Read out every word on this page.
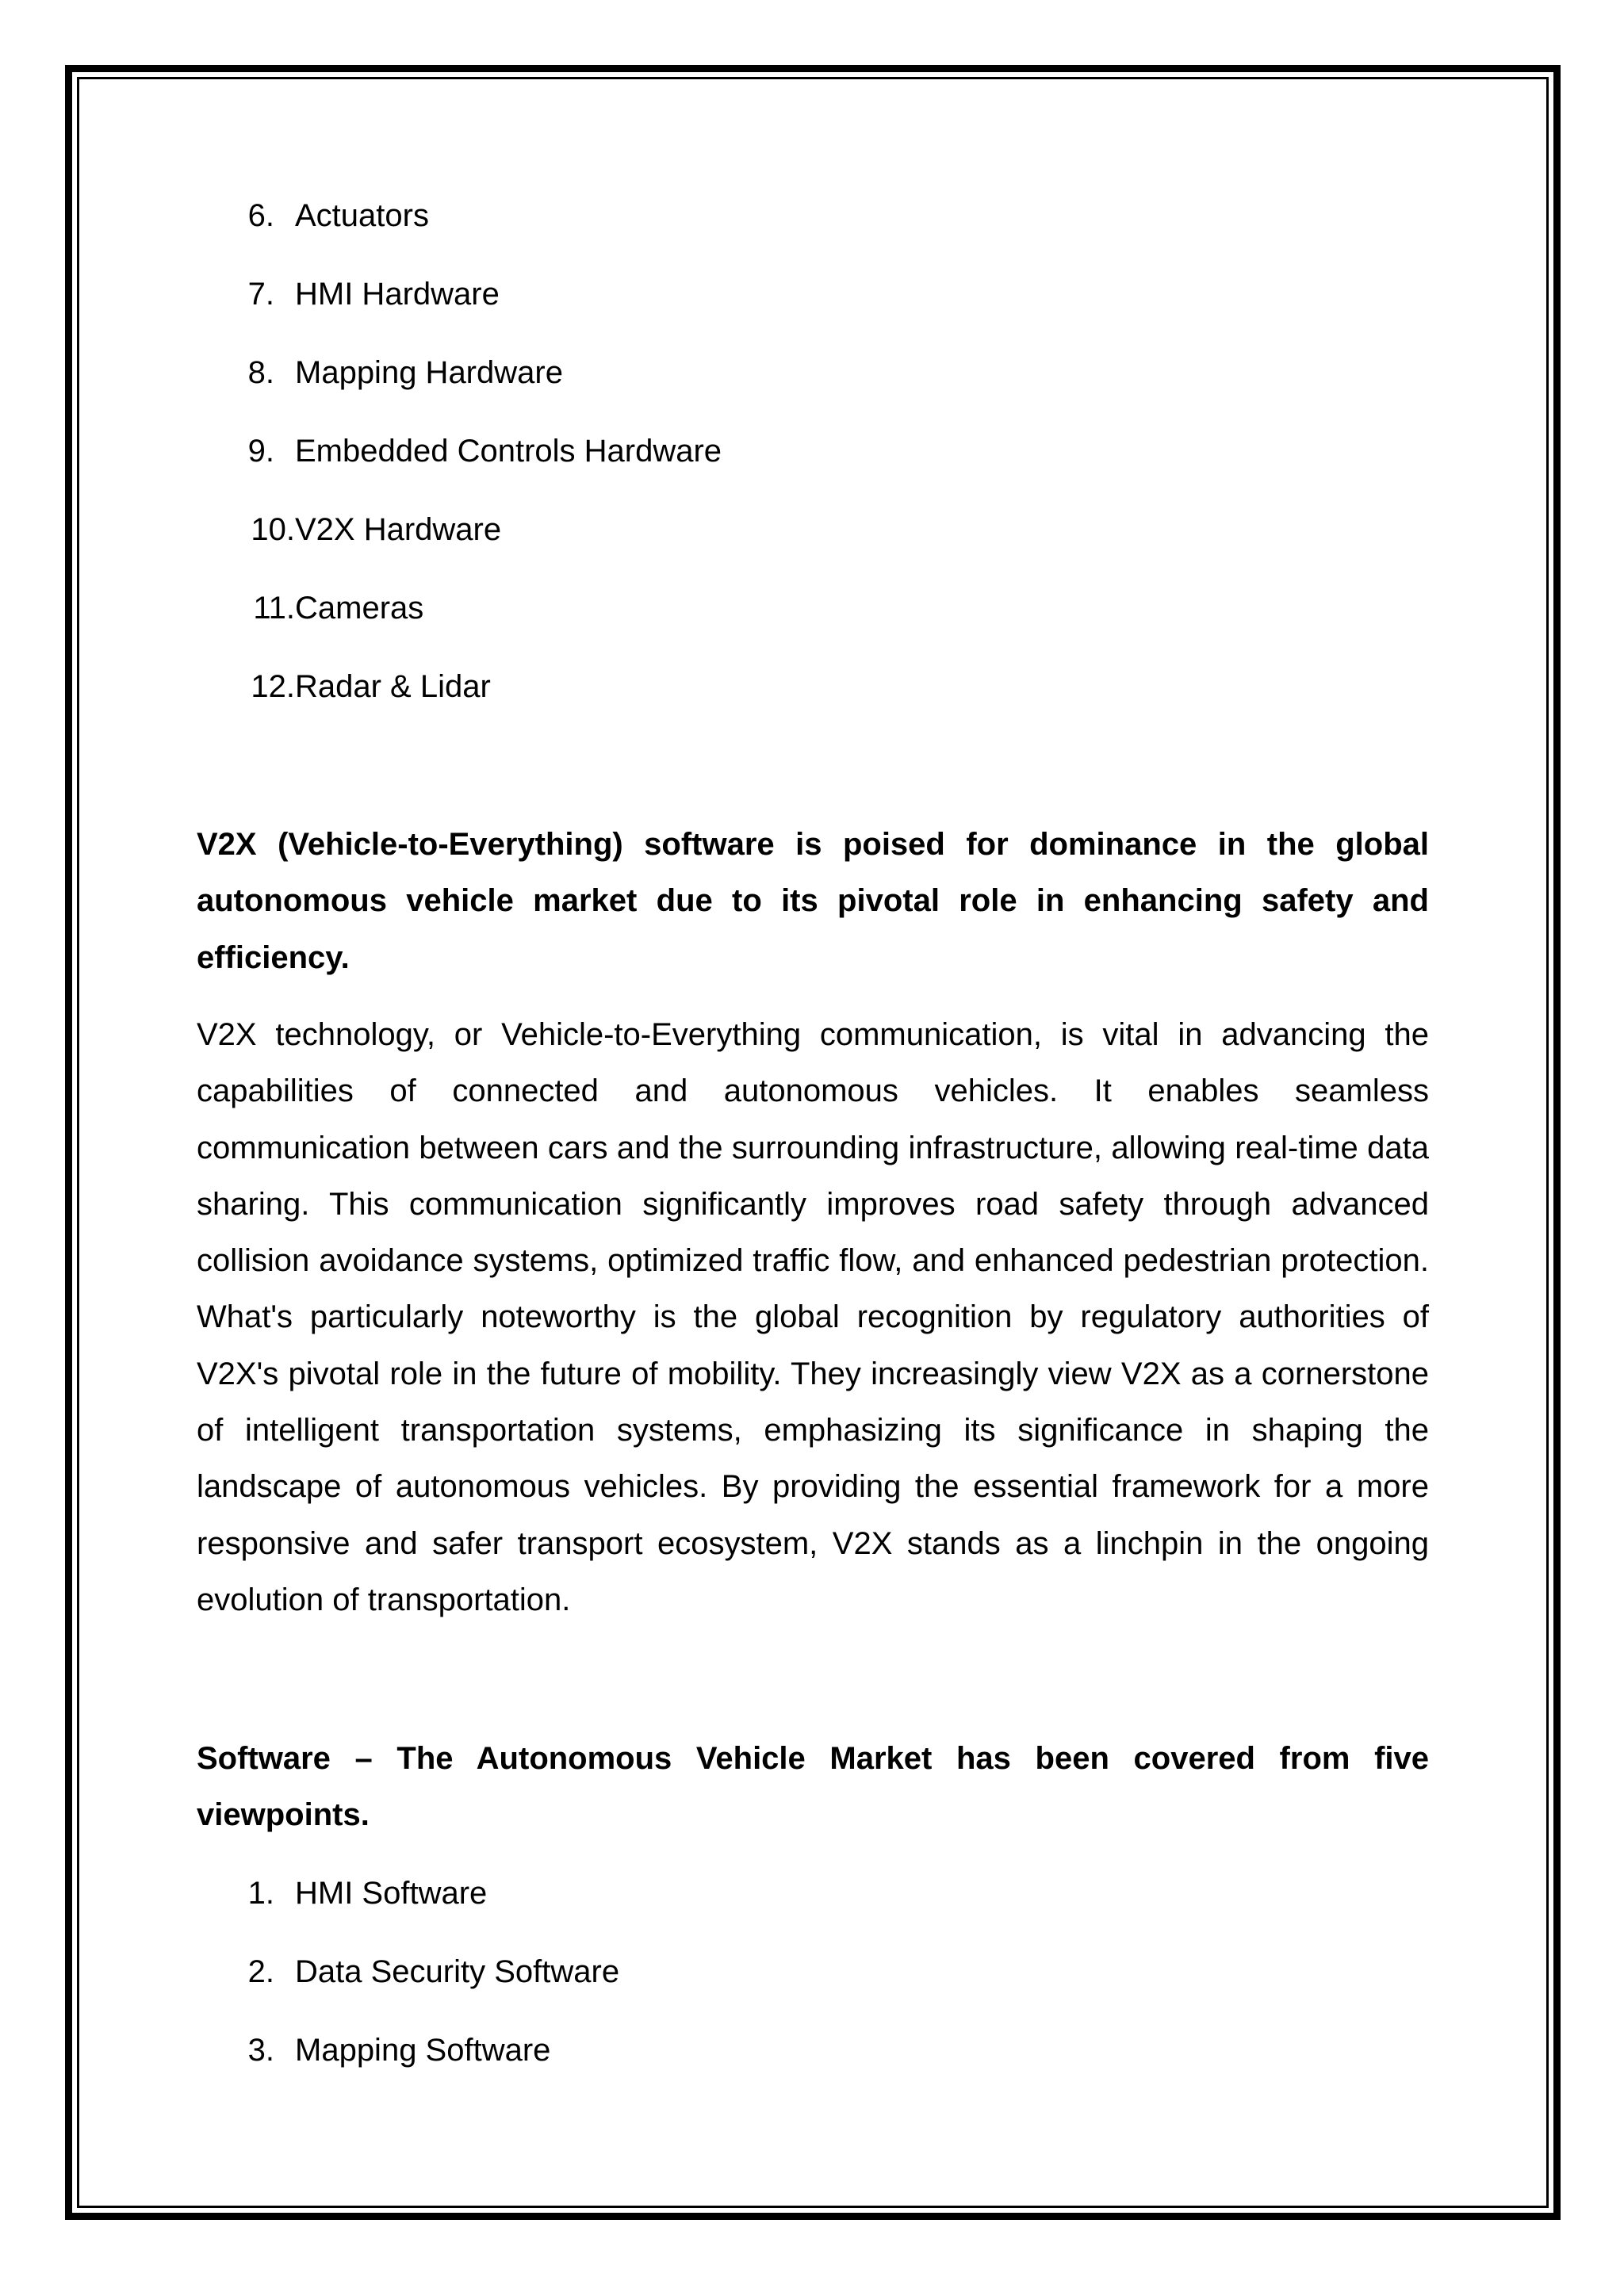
6. Actuators
7. HMI Hardware
8. Mapping Hardware
9. Embedded Controls Hardware
10. V2X Hardware
11. Cameras
12. Radar & Lidar

V2X (Vehicle-to-Everything) software is poised for dominance in the global autonomous vehicle market due to its pivotal role in enhancing safety and efficiency.

V2X technology, or Vehicle-to-Everything communication, is vital in advancing the capabilities of connected and autonomous vehicles. It enables seamless communication between cars and the surrounding infrastructure, allowing real-time data sharing. This communication significantly improves road safety through advanced collision avoidance systems, optimized traffic flow, and enhanced pedestrian protection. What's particularly noteworthy is the global recognition by regulatory authorities of V2X's pivotal role in the future of mobility. They increasingly view V2X as a cornerstone of intelligent transportation systems, emphasizing its significance in shaping the landscape of autonomous vehicles. By providing the essential framework for a more responsive and safer transport ecosystem, V2X stands as a linchpin in the ongoing evolution of transportation.

Software – The Autonomous Vehicle Market has been covered from five viewpoints.

1. HMI Software
2. Data Security Software
3. Mapping Software
